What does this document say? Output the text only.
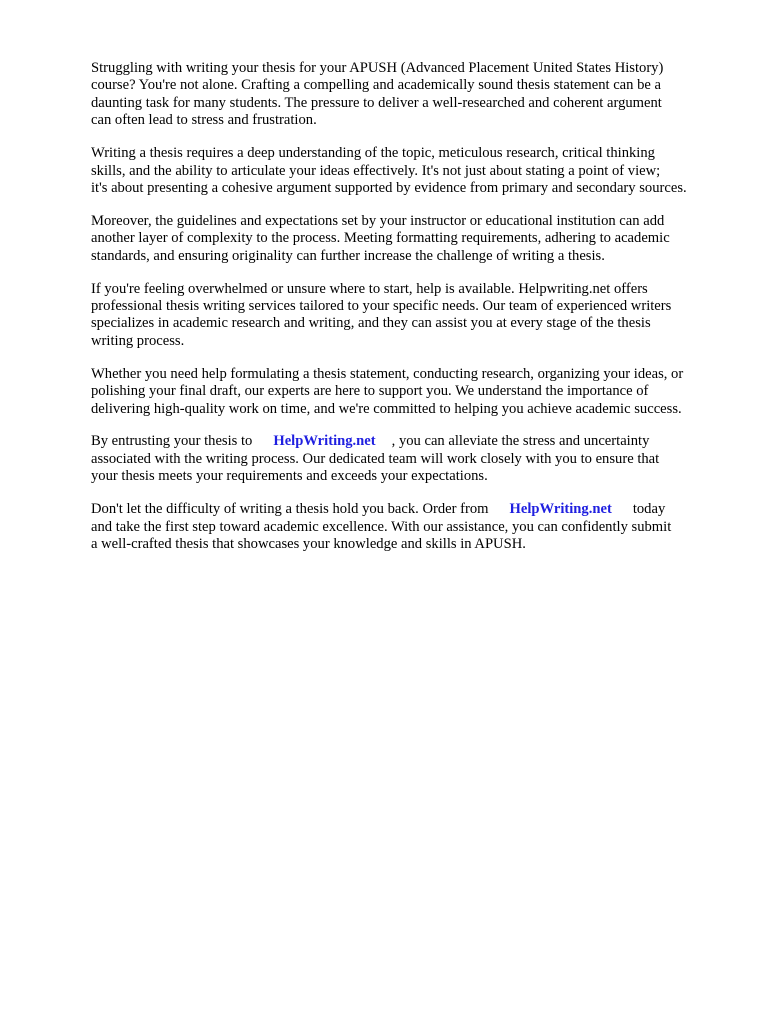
Struggling with writing your thesis for your APUSH (Advanced Placement United States History)
course? You're not alone. Crafting a compelling and academically sound thesis statement can be a
daunting task for many students. The pressure to deliver a well-researched and coherent argument
can often lead to stress and frustration.

Writing a thesis requires a deep understanding of the topic, meticulous research, critical thinking
skills, and the ability to articulate your ideas effectively. It's not just about stating a point of view;
it's about presenting a cohesive argument supported by evidence from primary and secondary sources.

Moreover, the guidelines and expectations set by your instructor or educational institution can add
another layer of complexity to the process. Meeting formatting requirements, adhering to academic
standards, and ensuring originality can further increase the challenge of writing a thesis.

If you're feeling overwhelmed or unsure where to start, help is available. Helpwriting.net offers
professional thesis writing services tailored to your specific needs. Our team of experienced writers
specializes in academic research and writing, and they can assist you at every stage of the thesis
writing process.

Whether you need help formulating a thesis statement, conducting research, organizing your ideas, or
polishing your final draft, our experts are here to support you. We understand the importance of
delivering high-quality work on time, and we're committed to helping you achieve academic success.

By entrusting your thesis to HelpWriting.net , you can alleviate the stress and uncertainty
associated with the writing process. Our dedicated team will work closely with you to ensure that
your thesis meets your requirements and exceeds your expectations.

Don't let the difficulty of writing a thesis hold you back. Order from HelpWriting.net today
and take the first step toward academic excellence. With our assistance, you can confidently submit
a well-crafted thesis that showcases your knowledge and skills in APUSH.
